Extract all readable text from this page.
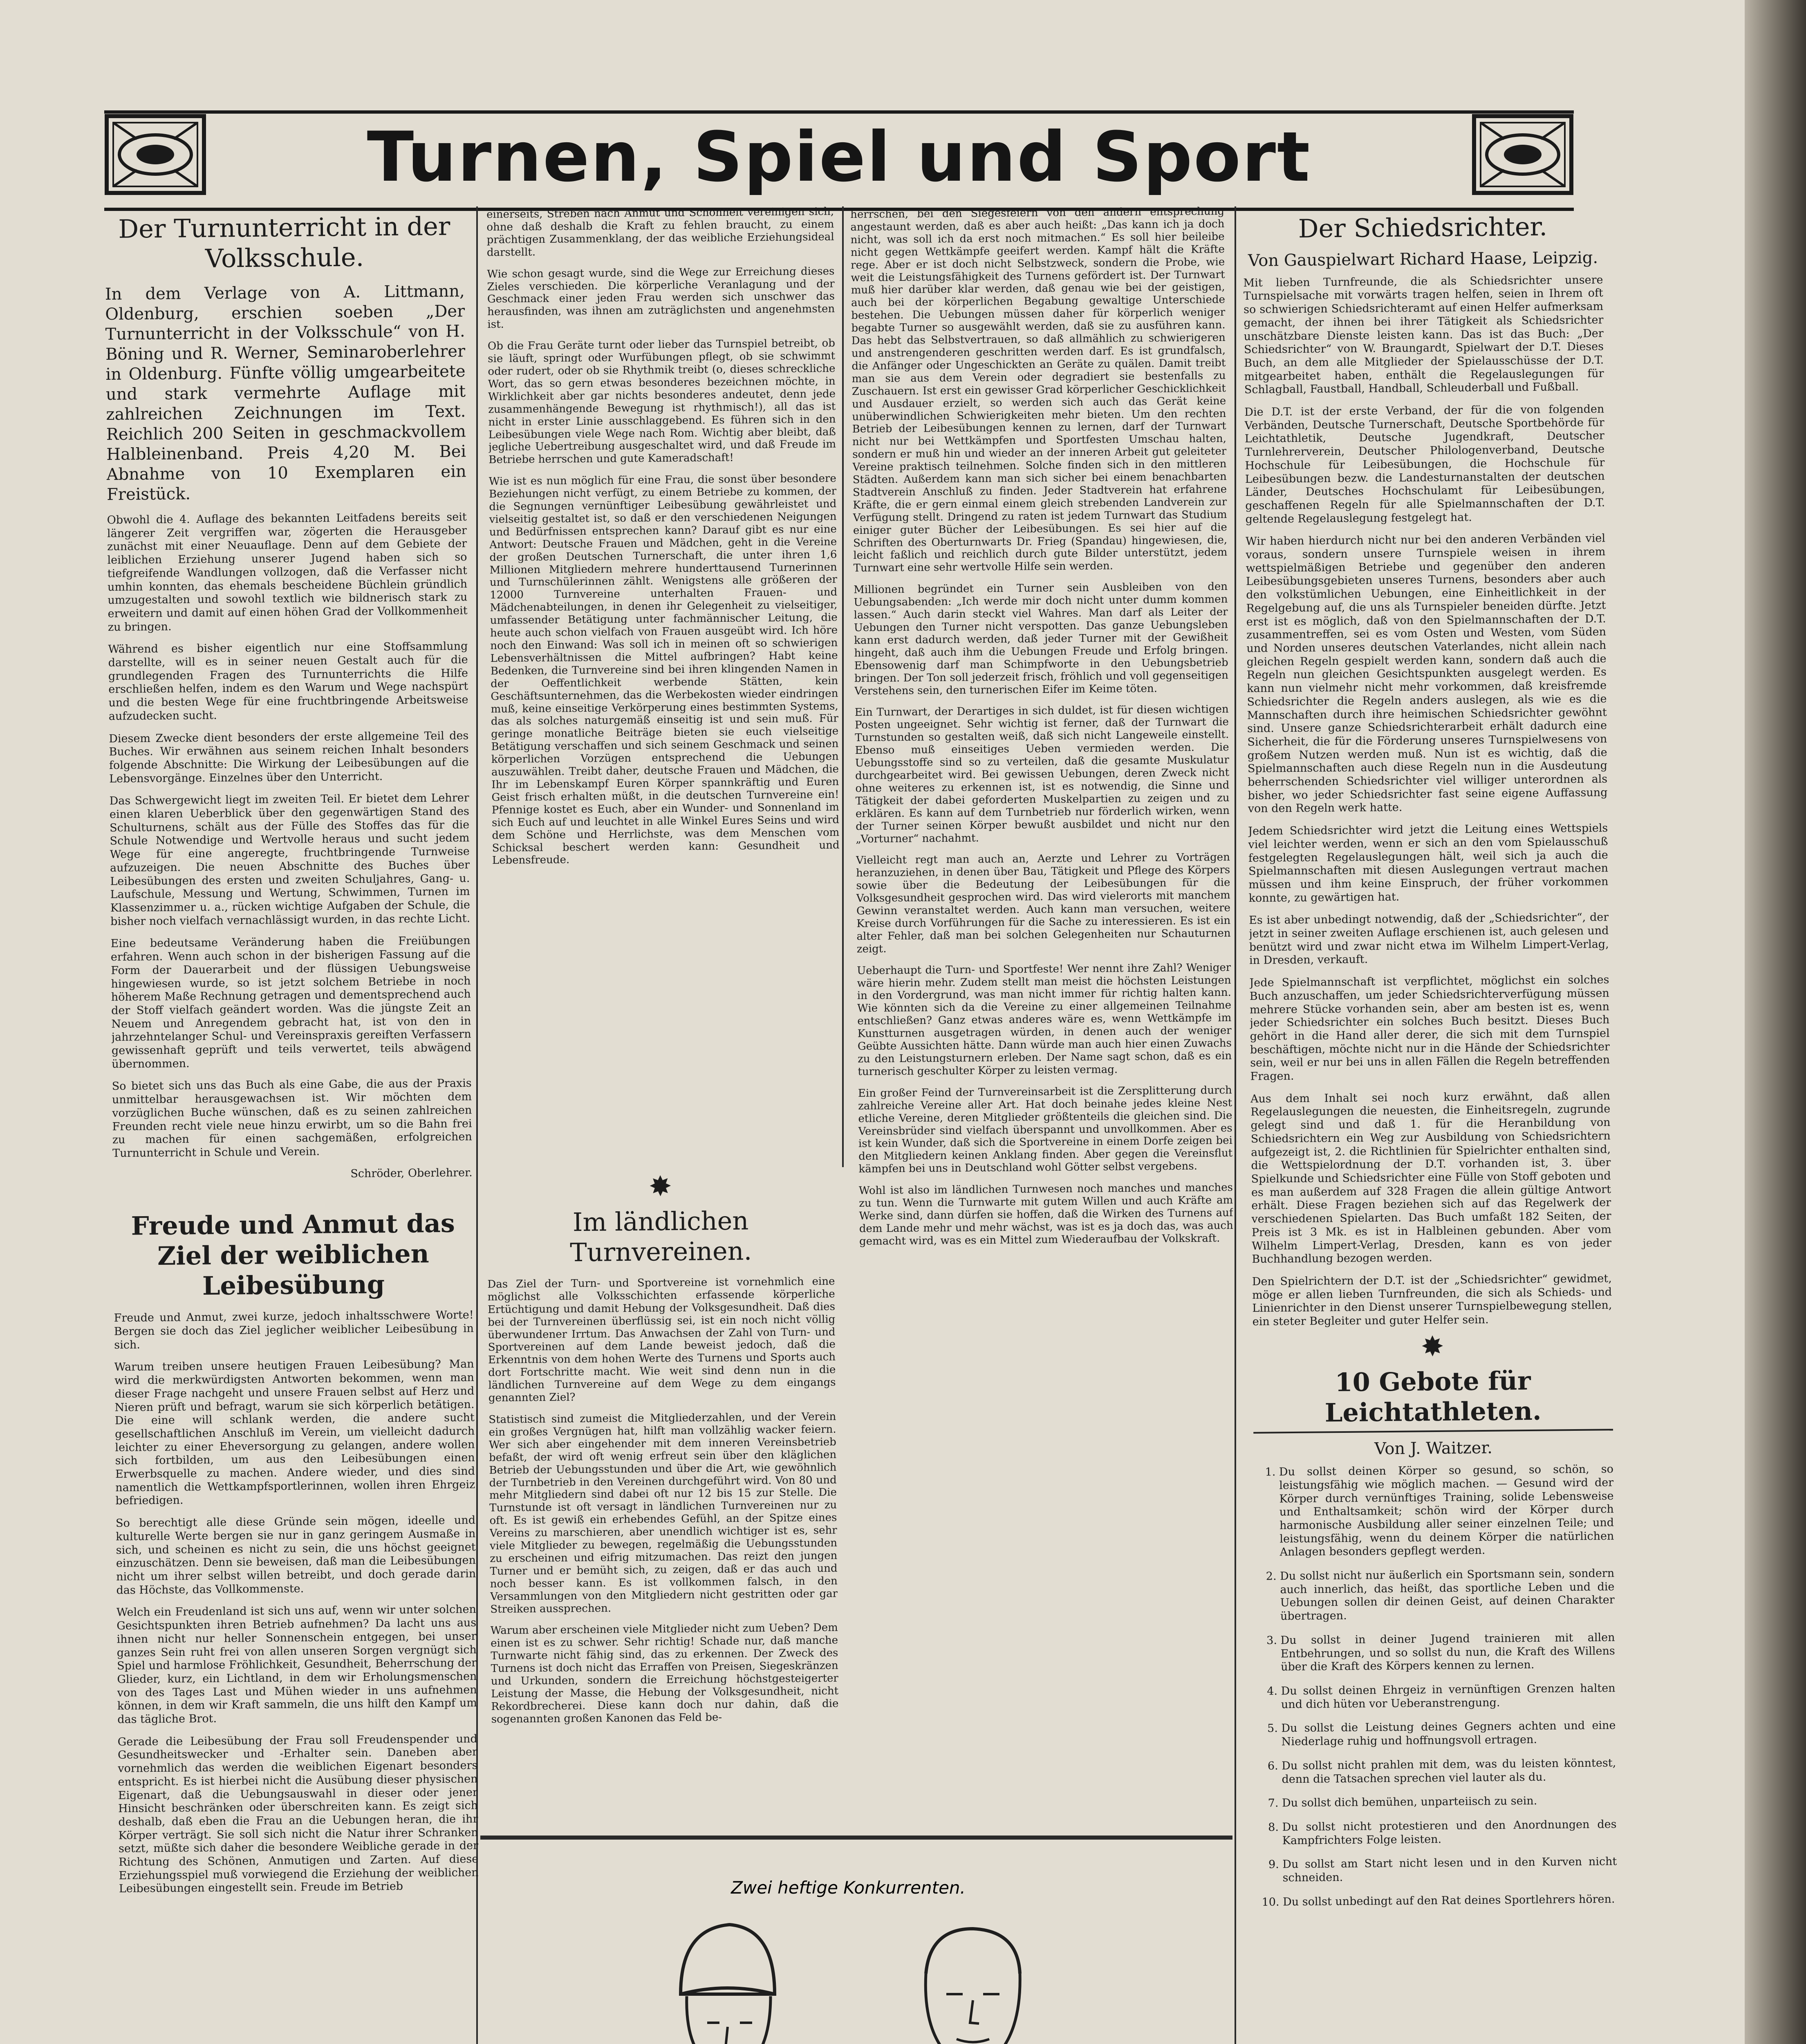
Turnen, Spiel und Sport
Der Turnunterricht in der Volksschule.

In dem Verlage von A. Littmann, Oldenburg, erschien soeben „Der Turnunterricht in der Volksschule“ von H. Böning und R. Werner, Seminaroberlehrer in Oldenburg. Fünfte völlig umgearbeitete und stark vermehrte Auflage mit zahlreichen Zeichnungen im Text. Reichlich 200 Seiten in geschmackvollem Halbleinenband. Preis 4,20 M. Bei Abnahme von 10 Exemplaren ein Freistück.

Obwohl die 4. Auflage des bekannten Leitfadens bereits seit längerer Zeit vergriffen war, zögerten die Herausgeber zunächst mit einer Neuauflage. Denn auf dem Gebiete der leiblichen Erziehung unserer Jugend haben sich so tiefgreifende Wandlungen vollzogen, daß die Verfasser nicht umhin konnten, das ehemals bescheidene Büchlein gründlich umzugestalten und sowohl textlich wie bildnerisch stark zu erweitern und damit auf einen höhen Grad der Vollkommenheit zu bringen.

Während es bisher eigentlich nur eine Stoffsammlung darstellte, will es in seiner neuen Gestalt auch für die grundlegenden Fragen des Turnunterrichts die Hilfe erschließen helfen, indem es den Warum und Wege nachspürt und die besten Wege für eine fruchtbringende Arbeitsweise aufzudecken sucht.

Diesem Zwecke dient besonders der erste allgemeine Teil des Buches. Wir erwähnen aus seinem reichen Inhalt besonders folgende Abschnitte: Die Wirkung der Leibesübungen auf die Lebensvorgänge. Einzelnes über den Unterricht.

Das Schwergewicht liegt im zweiten Teil. Er bietet dem Lehrer einen klaren Ueberblick über den gegenwärtigen Stand des Schulturnens, schält aus der Fülle des Stoffes das für die Schule Notwendige und Wertvolle heraus und sucht jedem Wege für eine angeregte, fruchtbringende Turnweise aufzuzeigen. Die neuen Abschnitte des Buches über Leibesübungen des ersten und zweiten Schuljahres, Gang- u. Laufschule, Messung und Wertung, Schwimmen, Turnen im Klassenzimmer u. a., rücken wichtige Aufgaben der Schule, die bisher noch vielfach vernachlässigt wurden, in das rechte Licht.

Eine bedeutsame Veränderung haben die Freiübungen erfahren. Wenn auch schon in der bisherigen Fassung auf die Form der Dauerarbeit und der flüssigen Uebungsweise hingewiesen wurde, so ist jetzt solchem Betriebe in noch höherem Maße Rechnung getragen und dementsprechend auch der Stoff vielfach geändert worden. Was die jüngste Zeit an Neuem und Anregendem gebracht hat, ist von den in jahrzehntelanger Schul- und Vereinspraxis gereiften Verfassern gewissenhaft geprüft und teils verwertet, teils abwägend übernommen.

So bietet sich uns das Buch als eine Gabe, die aus der Praxis unmittelbar herausgewachsen ist. Wir möchten dem vorzüglichen Buche wünschen, daß es zu seinen zahlreichen Freunden recht viele neue hinzu erwirbt, um so die Bahn frei zu machen für einen sachgemäßen, erfolgreichen Turnunterricht in Schule und Verein.

Schröder, Oberlehrer.

Freude und Anmut das Ziel der weiblichen Leibesübung

Freude und Anmut, zwei kurze, jedoch inhaltsschwere Worte! Bergen sie doch das Ziel jeglicher weiblicher Leibesübung in sich.

Warum treiben unsere heutigen Frauen Leibesübung? Man wird die merkwürdigsten Antworten bekommen, wenn man dieser Frage nachgeht und unsere Frauen selbst auf Herz und Nieren prüft und befragt, warum sie sich körperlich betätigen. Die eine will schlank werden, die andere sucht gesellschaftlichen Anschluß im Verein, um vielleicht dadurch leichter zu einer Eheversorgung zu gelangen, andere wollen sich fortbilden, um aus den Leibesübungen einen Erwerbsquelle zu machen. Andere wieder, und dies sind namentlich die Wettkampfsportlerinnen, wollen ihren Ehrgeiz befriedigen.

So berechtigt alle diese Gründe sein mögen, ideelle und kulturelle Werte bergen sie nur in ganz geringem Ausmaße in sich, und scheinen es nicht zu sein, die uns höchst geeignet einzuschätzen. Denn sie beweisen, daß man die Leibesübungen nicht um ihrer selbst willen betreibt, und doch gerade darin das Höchste, das Vollkommenste.

Welch ein Freudenland ist sich uns auf, wenn wir unter solchen Gesichtspunkten ihren Betrieb aufnehmen? Da lacht uns aus ihnen nicht nur heller Sonnenschein entgegen, bei unser ganzes Sein ruht frei von allen unseren Sorgen vergnügt sich Spiel und harmlose Fröhlichkeit, Gesundheit, Beherrschung der Glieder, kurz, ein Lichtland, in dem wir Erholungsmenschen von des Tages Last und Mühen wieder in uns aufnehmen können, in dem wir Kraft sammeln, die uns hilft den Kampf um das tägliche Brot.

Gerade die Leibesübung der Frau soll Freudenspender und Gesundheitswecker und -Erhalter sein. Daneben aber vornehmlich das werden die weiblichen Eigenart besonders entspricht. Es ist hierbei nicht die Ausübung dieser physischen Eigenart, daß die Uebungsauswahl in dieser oder jener Hinsicht beschränken oder überschreiten kann. Es zeigt sich deshalb, daß eben die Frau an die Uebungen heran, die ihr Körper verträgt. Sie soll sich nicht die Natur ihrer Schranken setzt, müßte sich daher die besondere Weibliche gerade in der Richtung des Schönen, Anmutigen und Zarten. Auf diese Erziehungsspiel muß vorwiegend die Erziehung der weiblichen Leibesübungen eingestellt sein. Freude im Betrieb

einerseits, Streben nach Anmut und Schönheit vereinigen sich, ohne daß deshalb die Kraft zu fehlen braucht, zu einem prächtigen Zusammenklang, der das weibliche Erziehungsideal darstellt.

Wie schon gesagt wurde, sind die Wege zur Erreichung dieses Zieles verschieden. Die körperliche Veranlagung und der Geschmack einer jeden Frau werden sich unschwer das herausfinden, was ihnen am zuträglichsten und angenehmsten ist.

Ob die Frau Geräte turnt oder lieber das Turnspiel betreibt, ob sie läuft, springt oder Wurfübungen pflegt, ob sie schwimmt oder rudert, oder ob sie Rhythmik treibt (o, dieses schreckliche Wort, das so gern etwas besonderes bezeichnen möchte, in Wirklichkeit aber gar nichts besonderes andeutet, denn jede zusammenhängende Bewegung ist rhythmisch!), all das ist nicht in erster Linie ausschlaggebend. Es führen sich in den Leibesübungen viele Wege nach Rom. Wichtig aber bleibt, daß jegliche Uebertreibung ausgeschaltet wird, und daß Freude im Betriebe herrschen und gute Kameradschaft!

Wie ist es nun möglich für eine Frau, die sonst über besondere Beziehungen nicht verfügt, zu einem Betriebe zu kommen, der die Segnungen vernünftiger Leibesübung gewährleistet und vielseitig gestaltet ist, so daß er den verschiedenen Neigungen und Bedürfnissen entsprechen kann? Darauf gibt es nur eine Antwort: Deutsche Frauen und Mädchen, geht in die Vereine der großen Deutschen Turnerschaft, die unter ihren 1,6 Millionen Mitgliedern mehrere hunderttausend Turnerinnen und Turnschülerinnen zählt. Wenigstens alle größeren der 12000 Turnvereine unterhalten Frauen- und Mädchenabteilungen, in denen ihr Gelegenheit zu vielseitiger, umfassender Betätigung unter fachmännischer Leitung, die heute auch schon vielfach von Frauen ausgeübt wird. Ich höre noch den Einwand: Was soll ich in meinen oft so schwierigen Lebensverhältnissen die Mittel aufbringen? Habt keine Bedenken, die Turnvereine sind bei ihren klingenden Namen in der Oeffentlichkeit werbende Stätten, kein Geschäftsunternehmen, das die Werbekosten wieder eindringen muß, keine einseitige Verkörperung eines bestimmten Systems, das als solches naturgemäß einseitig ist und sein muß. Für geringe monatliche Beiträge bieten sie euch vielseitige Betätigung verschaffen und sich seinem Geschmack und seinen körperlichen Vorzügen entsprechend die Uebungen auszuwählen. Treibt daher, deutsche Frauen und Mädchen, die Ihr im Lebenskampf Euren Körper spannkräftig und Euren Geist frisch erhalten müßt, in die deutschen Turnvereine ein! Pfennige kostet es Euch, aber ein Wunder- und Sonnenland im sich Euch auf und leuchtet in alle Winkel Eures Seins und wird dem Schöne und Herrlichste, was dem Menschen vom Schicksal beschert werden kann: Gesundheit und Lebensfreude.

✸
Im ländlichen Turnvereinen.

Das Ziel der Turn- und Sportvereine ist vornehmlich eine möglichst alle Volksschichten erfassende körperliche Ertüchtigung und damit Hebung der Volksgesundheit. Daß dies bei der Turnvereinen überflüssig sei, ist ein noch nicht völlig überwundener Irrtum. Das Anwachsen der Zahl von Turn- und Sportvereinen auf dem Lande beweist jedoch, daß die Erkenntnis von dem hohen Werte des Turnens und Sports auch dort Fortschritte macht. Wie weit sind denn nun in die ländlichen Turnvereine auf dem Wege zu dem eingangs genannten Ziel?

Statistisch sind zumeist die Mitgliederzahlen, und der Verein ein großes Vergnügen hat, hilft man vollzählig wacker feiern. Wer sich aber eingehender mit dem inneren Vereinsbetrieb befaßt, der wird oft wenig erfreut sein über den kläglichen Betrieb der Uebungsstunden und über die Art, wie gewöhnlich der Turnbetrieb in den Vereinen durchgeführt wird. Von 80 und mehr Mitgliedern sind dabei oft nur 12 bis 15 zur Stelle. Die Turnstunde ist oft versagt in ländlichen Turnvereinen nur zu oft. Es ist gewiß ein erhebendes Gefühl, an der Spitze eines Vereins zu marschieren, aber unendlich wichtiger ist es, sehr viele Mitglieder zu bewegen, regelmäßig die Uebungsstunden zu erscheinen und eifrig mitzumachen. Das reizt den jungen Turner und er bemüht sich, zu zeigen, daß er das auch und noch besser kann. Es ist vollkommen falsch, in den Versammlungen von den Mitgliedern nicht gestritten oder gar Streiken aussprechen.

Warum aber erscheinen viele Mitglieder nicht zum Ueben? Dem einen ist es zu schwer. Sehr richtig! Schade nur, daß manche Turnwarte nicht fähig sind, das zu erkennen. Der Zweck des Turnens ist doch nicht das Erraffen von Preisen, Siegeskränzen und Urkunden, sondern die Erreichung höchstgesteigerter Leistung der Masse, die Hebung der Volksgesundheit, nicht Rekordbrecherei. Diese kann doch nur dahin, daß die sogenannten großen Kanonen das Feld be-

herrschen, bei den Siegesfeiern von den andern entsprechung angestaunt werden, daß es aber auch heißt: „Das kann ich ja doch nicht, was soll ich da erst noch mitmachen.“ Es soll hier beileibe nicht gegen Wettkämpfe geeifert werden. Kampf hält die Kräfte rege. Aber er ist doch nicht Selbstzweck, sondern die Probe, wie weit die Leistungsfähigkeit des Turnens gefördert ist. Der Turnwart muß hier darüber klar werden, daß genau wie bei der geistigen, auch bei der körperlichen Begabung gewaltige Unterschiede bestehen. Die Uebungen müssen daher für körperlich weniger begabte Turner so ausgewählt werden, daß sie zu ausführen kann. Das hebt das Selbstvertrauen, so daß allmählich zu schwierigeren und anstrengenderen geschritten werden darf. Es ist grundfalsch, die Anfänger oder Ungeschickten an Geräte zu quälen. Damit treibt man sie aus dem Verein oder degradiert sie bestenfalls zu Zuschauern. Ist erst ein gewisser Grad körperlicher Geschicklichkeit und Ausdauer erzielt, so werden sich auch das Gerät keine unüberwindlichen Schwierigkeiten mehr bieten. Um den rechten Betrieb der Leibesübungen kennen zu lernen, darf der Turnwart nicht nur bei Wettkämpfen und Sportfesten Umschau halten, sondern er muß hin und wieder an der inneren Arbeit gut geleiteter Vereine praktisch teilnehmen. Solche finden sich in den mittleren Städten. Außerdem kann man sich sicher bei einem benachbarten Stadtverein Anschluß zu finden. Jeder Stadtverein hat erfahrene Kräfte, die er gern einmal einem gleich strebenden Landverein zur Verfügung stellt. Dringend zu raten ist jedem Turnwart das Studium einiger guter Bücher der Leibesübungen. Es sei hier auf die Schriften des Oberturnwarts Dr. Frieg (Spandau) hingewiesen, die, leicht faßlich und reichlich durch gute Bilder unterstützt, jedem Turnwart eine sehr wertvolle Hilfe sein werden.

Millionen begründet ein Turner sein Ausbleiben von den Uebungsabenden: „Ich werde mir doch nicht unter dumm kommen lassen.“ Auch darin steckt viel Wahres. Man darf als Leiter der Uebungen den Turner nicht verspotten. Das ganze Uebungsleben kann erst dadurch werden, daß jeder Turner mit der Gewißheit hingeht, daß auch ihm die Uebungen Freude und Erfolg bringen. Ebensowenig darf man Schimpfworte in den Uebungsbetrieb bringen. Der Ton soll jederzeit frisch, fröhlich und voll gegenseitigen Verstehens sein, den turnerischen Eifer im Keime töten.

Ein Turnwart, der Derartiges in sich duldet, ist für diesen wichtigen Posten ungeeignet. Sehr wichtig ist ferner, daß der Turnwart die Turnstunden so gestalten weiß, daß sich nicht Langeweile einstellt. Ebenso muß einseitiges Ueben vermieden werden. Die Uebungsstoffe sind so zu verteilen, daß die gesamte Muskulatur durchgearbeitet wird. Bei gewissen Uebungen, deren Zweck nicht ohne weiteres zu erkennen ist, ist es notwendig, die Sinne und Tätigkeit der dabei geforderten Muskelpartien zu zeigen und zu erklären. Es kann auf dem Turnbetrieb nur förderlich wirken, wenn der Turner seinen Körper bewußt ausbildet und nicht nur den „Vorturner“ nachahmt.

Vielleicht regt man auch an, Aerzte und Lehrer zu Vorträgen heranzuziehen, in denen über Bau, Tätigkeit und Pflege des Körpers sowie über die Bedeutung der Leibesübungen für die Volksgesundheit gesprochen wird. Das wird vielerorts mit manchem Gewinn veranstaltet werden. Auch kann man versuchen, weitere Kreise durch Vorführungen für die Sache zu interessieren. Es ist ein alter Fehler, daß man bei solchen Gelegenheiten nur Schauturnen zeigt.

Ueberhaupt die Turn- und Sportfeste! Wer nennt ihre Zahl? Weniger wäre hierin mehr. Zudem stellt man meist die höchsten Leistungen in den Vordergrund, was man nicht immer für richtig halten kann. Wie könnten sich da die Vereine zu einer allgemeinen Teilnahme entschließen? Ganz etwas anderes wäre es, wenn Wettkämpfe im Kunstturnen ausgetragen würden, in denen auch der weniger Geübte Aussichten hätte. Dann würde man auch hier einen Zuwachs zu den Leistungsturnern erleben. Der Name sagt schon, daß es ein turnerisch geschulter Körper zu leisten vermag.

Ein großer Feind der Turnvereinsarbeit ist die Zersplitterung durch zahlreiche Vereine aller Art. Hat doch beinahe jedes kleine Nest etliche Vereine, deren Mitglieder größtenteils die gleichen sind. Die Vereinsbrüder sind vielfach überspannt und unvollkommen. Aber es ist kein Wunder, daß sich die Sportvereine in einem Dorfe zeigen bei den Mitgliedern keinen Anklang finden. Aber gegen die Vereinsflut kämpfen bei uns in Deutschland wohl Götter selbst vergebens.

Wohl ist also im ländlichen Turnwesen noch manches und manches zu tun. Wenn die Turnwarte mit gutem Willen und auch Kräfte am Werke sind, dann dürfen sie hoffen, daß die Wirken des Turnens auf dem Lande mehr und mehr wächst, was ist es ja doch das, was auch gemacht wird, was es ein Mittel zum Wiederaufbau der Volkskraft.

Zwei heftige Konkurrenten.

Der Schiedsrichter.
Von Gauspielwart Richard Haase, Leipzig.

Mit lieben Turnfreunde, die als Schiedsrichter unsere Turnspielsache mit vorwärts tragen helfen, seien in Ihrem oft so schwierigen Schiedsrichteramt auf einen Helfer aufmerksam gemacht, der ihnen bei ihrer Tätigkeit als Schiedsrichter unschätzbare Dienste leisten kann. Das ist das Buch: „Der Schiedsrichter“ von W. Braungardt, Spielwart der D.T. Dieses Buch, an dem alle Mitglieder der Spielausschüsse der D.T. mitgearbeitet haben, enthält die Regelauslegungen für Schlagball, Faustball, Handball, Schleuderball und Fußball.

Die D.T. ist der erste Verband, der für die von folgenden Verbänden, Deutsche Turnerschaft, Deutsche Sportbehörde für Leichtathletik, Deutsche Jugendkraft, Deutscher Turnlehrerverein, Deutscher Philologenverband, Deutsche Hochschule für Leibesübungen, die Hochschule für Leibesübungen bezw. die Landesturnanstalten der deutschen Länder, Deutsches Hochschulamt für Leibesübungen, geschaffenen Regeln für alle Spielmannschaften der D.T. geltende Regelauslegung festgelegt hat.

Wir haben hierdurch nicht nur bei den anderen Verbänden viel voraus, sondern unsere Turnspiele weisen in ihrem wettspielmäßigen Betriebe und gegenüber den anderen Leibesübungsgebieten unseres Turnens, besonders aber auch den volkstümlichen Uebungen, eine Einheitlichkeit in der Regelgebung auf, die uns als Turnspieler beneiden dürfte. Jetzt erst ist es möglich, daß von den Spielmannschaften der D.T. zusammentreffen, sei es vom Osten und Westen, vom Süden und Norden unseres deutschen Vaterlandes, nicht allein nach gleichen Regeln gespielt werden kann, sondern daß auch die Regeln nun gleichen Gesichtspunkten ausgelegt werden. Es kann nun vielmehr nicht mehr vorkommen, daß kreisfremde Schiedsrichter die Regeln anders auslegen, als wie es die Mannschaften durch ihre heimischen Schiedsrichter gewöhnt sind. Unsere ganze Schiedsrichterarbeit erhält dadurch eine Sicherheit, die für die Förderung unseres Turnspielwesens von großem Nutzen werden muß. Nun ist es wichtig, daß die Spielmannschaften auch diese Regeln nun in die Ausdeutung beherrschenden Schiedsrichter viel williger unterordnen als bisher, wo jeder Schiedsrichter fast seine eigene Auffassung von den Regeln werk hatte.

Jedem Schiedsrichter wird jetzt die Leitung eines Wettspiels viel leichter werden, wenn er sich an den vom Spielausschuß festgelegten Regelauslegungen hält, weil sich ja auch die Spielmannschaften mit diesen Auslegungen vertraut machen müssen und ihm keine Einspruch, der früher vorkommen konnte, zu gewärtigen hat.

Es ist aber unbedingt notwendig, daß der „Schiedsrichter“, der jetzt in seiner zweiten Auflage erschienen ist, auch gelesen und benützt wird und zwar nicht etwa im Wilhelm Limpert-Verlag, in Dresden, verkauft.

Jede Spielmannschaft ist verpflichtet, möglichst ein solches Buch anzuschaffen, um jeder Schiedsrichterverfügung müssen mehrere Stücke vorhanden sein, aber am besten ist es, wenn jeder Schiedsrichter ein solches Buch besitzt. Dieses Buch gehört in die Hand aller derer, die sich mit dem Turnspiel beschäftigen, möchte nicht nur in die Hände der Schiedsrichter sein, weil er nur bei uns in allen Fällen die Regeln betreffenden Fragen.

Aus dem Inhalt sei noch kurz erwähnt, daß allen Regelauslegungen die neuesten, die Einheitsregeln, zugrunde gelegt sind und daß 1. für die Heranbildung von Schiedsrichtern ein Weg zur Ausbildung von Schiedsrichtern aufgezeigt ist, 2. die Richtlinien für Spielrichter enthalten sind, die Wettspielordnung der D.T. vorhanden ist, 3. über Spielkunde und Schiedsrichter eine Fülle von Stoff geboten und es man außerdem auf 328 Fragen die allein gültige Antwort erhält. Diese Fragen beziehen sich auf das Regelwerk der verschiedenen Spielarten. Das Buch umfaßt 182 Seiten, der Preis ist 3 Mk. es ist in Halbleinen gebunden. Aber vom Wilhelm Limpert-Verlag, Dresden, kann es von jeder Buchhandlung bezogen werden.

Den Spielrichtern der D.T. ist der „Schiedsrichter“ gewidmet, möge er allen lieben Turnfreunden, die sich als Schieds- und Linienrichter in den Dienst unserer Turnspielbewegung stellen, ein steter Begleiter und guter Helfer sein.

✸
10 Gebote für Leichtathleten.
Von J. Waitzer.
1. Du sollst deinen Körper so gesund, so schön, so leistungsfähig wie möglich machen. — Gesund wird der Körper durch vernünftiges Training, solide Lebensweise und Enthaltsamkeit; schön wird der Körper durch harmonische Ausbildung aller seiner einzelnen Teile; und leistungsfähig, wenn du deinem Körper die natürlichen Anlagen besonders gepflegt werden.
2. Du sollst nicht nur äußerlich ein Sportsmann sein, sondern auch innerlich, das heißt, das sportliche Leben und die Uebungen sollen dir deinen Geist, auf deinen Charakter übertragen.
3. Du sollst in deiner Jugend trainieren mit allen Entbehrungen, und so sollst du nun, die Kraft des Willens über die Kraft des Körpers kennen zu lernen.
4. Du sollst deinen Ehrgeiz in vernünftigen Grenzen halten und dich hüten vor Ueberanstrengung.
5. Du sollst die Leistung deines Gegners achten und eine Niederlage ruhig und hoffnungsvoll ertragen.
6. Du sollst nicht prahlen mit dem, was du leisten könntest, denn die Tatsachen sprechen viel lauter als du.
7. Du sollst dich bemühen, unparteiisch zu sein.
8. Du sollst nicht protestieren und den Anordnungen des Kampfrichters Folge leisten.
9. Du sollst am Start nicht lesen und in den Kurven nicht schneiden.
10. Du sollst unbedingt auf den Rat deines Sportlehrers hören.
